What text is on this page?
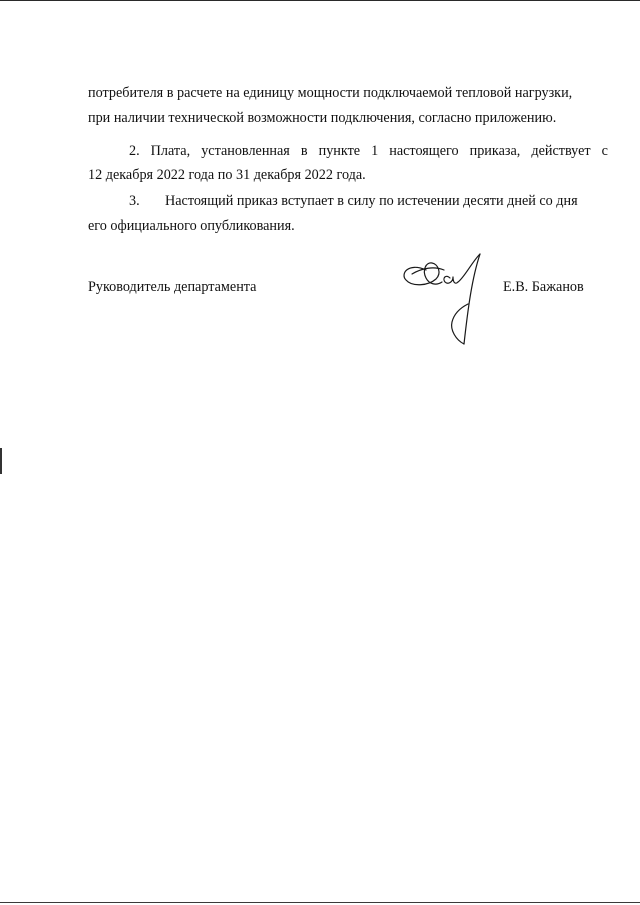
потребителя в расчете на единицу мощности подключаемой тепловой нагрузки,
при наличии технической возможности подключения, согласно приложению.
2. Плата, установленная в пункте 1 настоящего приказа, действует с
12 декабря 2022 года по 31 декабря 2022 года.
3. Настоящий приказ вступает в силу по истечении десяти дней со дня
его официального опубликования.
Руководитель департамента	Е.В. Бажанов
